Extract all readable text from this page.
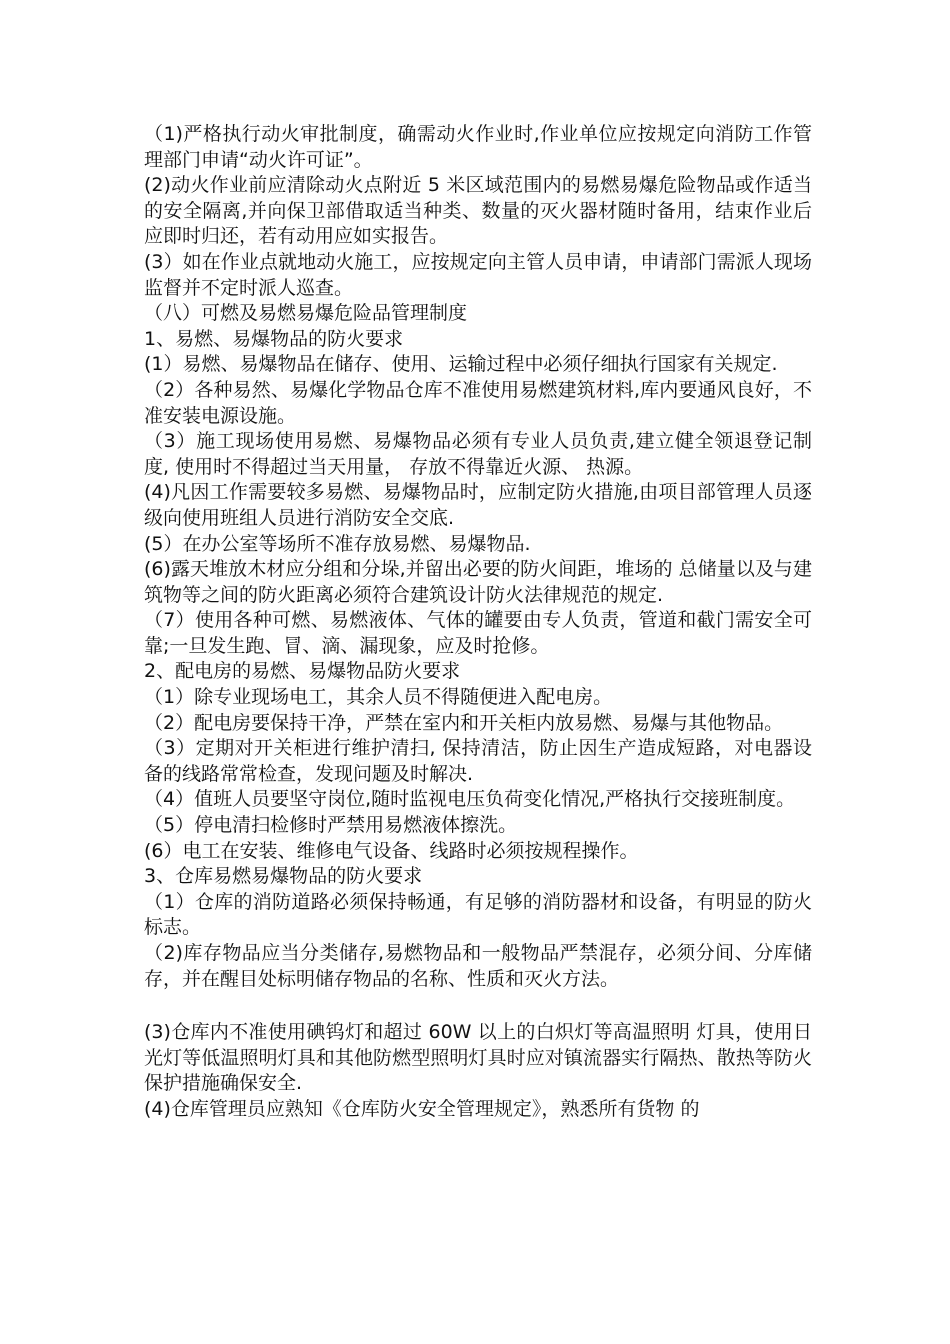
（1)严格执行动火审批制度，确需动火作业时,作业单位应按规定向消防工作管理部门申请“动火许可证”。

(2)动火作业前应清除动火点附近 5 米区域范围内的易燃易爆危险物品或作适当的安全隔离,并向保卫部借取适当种类、数量的灭火器材随时备用，结束作业后应即时归还，若有动用应如实报告。

(3）如在作业点就地动火施工，应按规定向主管人员申请，申请部门需派人现场监督并不定时派人巡查。

（八）可燃及易燃易爆危险品管理制度

1、易燃、易爆物品的防火要求

(1）易燃、易爆物品在储存、使用、运输过程中必须仔细执行国家有关规定.

（2）各种易然、易爆化学物品仓库不准使用易燃建筑材料,库内要通风良好，不准安装电源设施。

（3）施工现场使用易燃、易爆物品必须有专业人员负责,建立健全领退登记制度, 使用时不得超过当天用量， 存放不得靠近火源、 热源。

(4)凡因工作需要较多易燃、易爆物品时，应制定防火措施,由项目部管理人员逐级向使用班组人员进行消防安全交底.

(5）在办公室等场所不准存放易燃、易爆物品.

(6)露天堆放木材应分组和分垛,并留出必要的防火间距，堆场的 总储量以及与建筑物等之间的防火距离必须符合建筑设计防火法律规范的规定.

（7）使用各种可燃、易燃液体、气体的罐要由专人负责，管道和截门需安全可靠;一旦发生跑、冒、滴、漏现象，应及时抢修。

2、配电房的易燃、易爆物品防火要求

（1）除专业现场电工，其余人员不得随便进入配电房。

（2）配电房要保持干净，严禁在室内和开关柜内放易燃、易爆与其他物品。

（3）定期对开关柜进行维护清扫, 保持清洁，防止因生产造成短路，对电器设备的线路常常检查，发现问题及时解决.

（4）值班人员要坚守岗位,随时监视电压负荷变化情况,严格执行交接班制度。

（5）停电清扫检修时严禁用易燃液体擦洗。

(6）电工在安装、维修电气设备、线路时必须按规程操作。

3、仓库易燃易爆物品的防火要求

（1）仓库的消防道路必须保持畅通，有足够的消防器材和设备，有明显的防火标志。

（2)库存物品应当分类储存,易燃物品和一般物品严禁混存，必须分间、分库储存，并在醒目处标明储存物品的名称、性质和灭火方法。

(3)仓库内不准使用碘钨灯和超过 60W 以上的白炽灯等高温照明 灯具，使用日光灯等低温照明灯具和其他防燃型照明灯具时应对镇流器实行隔热、散热等防火保护措施确保安全.

(4)仓库管理员应熟知《仓库防火安全管理规定》，熟悉所有货物 的
